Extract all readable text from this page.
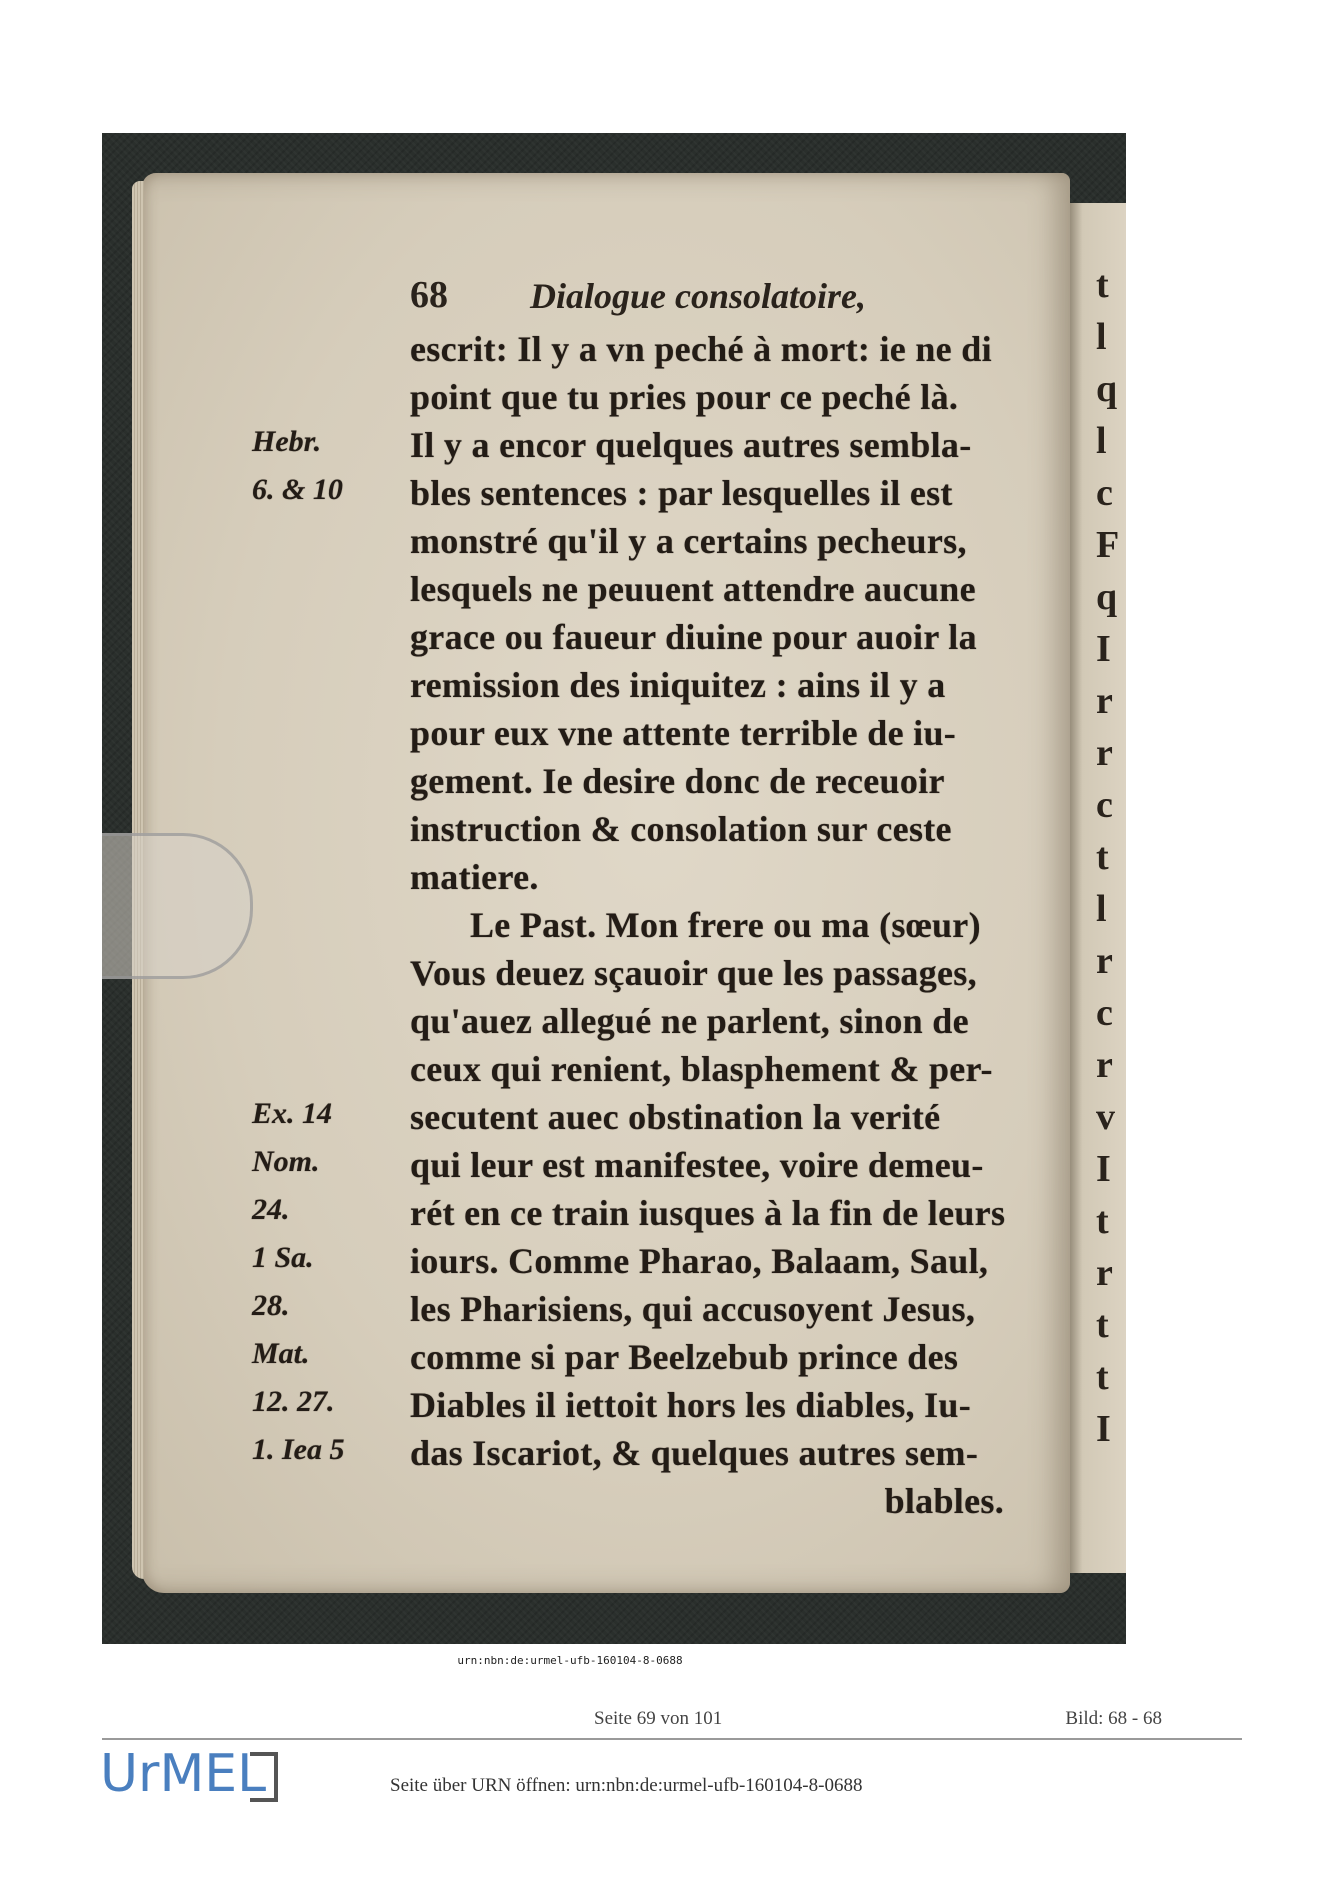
t
l
q
l
c
F
q
I
r
r
c
t
l
r
c
r
v
I
t
r
t
t
I
68 Dialogue consolatoire,
escrit: Il y a vn peché à mort: ie ne di
point que tu pries pour ce peché là.
Il y a encor quelques autres sembla-
bles sentences : par lesquelles il est
monstré qu'il y a certains pecheurs,
lesquels ne peuuent attendre aucune
grace ou faueur diuine pour auoir la
remission des iniquitez : ains il y a
pour eux vne attente terrible de iu-
gement. Ie desire donc de receuoir
instruction & consolation sur ceste
matiere.
Le Past. Mon frere ou ma (sœur)
Vous deuez sçauoir que les passages,
qu'auez allegué ne parlent, sinon de
ceux qui renient, blasphement & per-
secutent auec obstination la verité
qui leur est manifestee, voire demeu-
rét en ce train iusques à la fin de leurs
iours. Comme Pharao, Balaam, Saul,
les Pharisiens, qui accusoyent Jesus,
comme si par Beelzebub prince des
Diables il iettoit hors les diables, Iu-
das Iscariot, & quelques autres sem-
blables.
Hebr.
6. & 10
Ex. 14
Nom.
24.
1 Sa.
28.
Mat.
12. 27.
1. Iea 5
urn:nbn:de:urmel-ufb-160104-8-0688
Seite 69 von 101	Bild: 68 - 68
UrMEL	Seite über URN öffnen: urn:nbn:de:urmel-ufb-160104-8-0688
